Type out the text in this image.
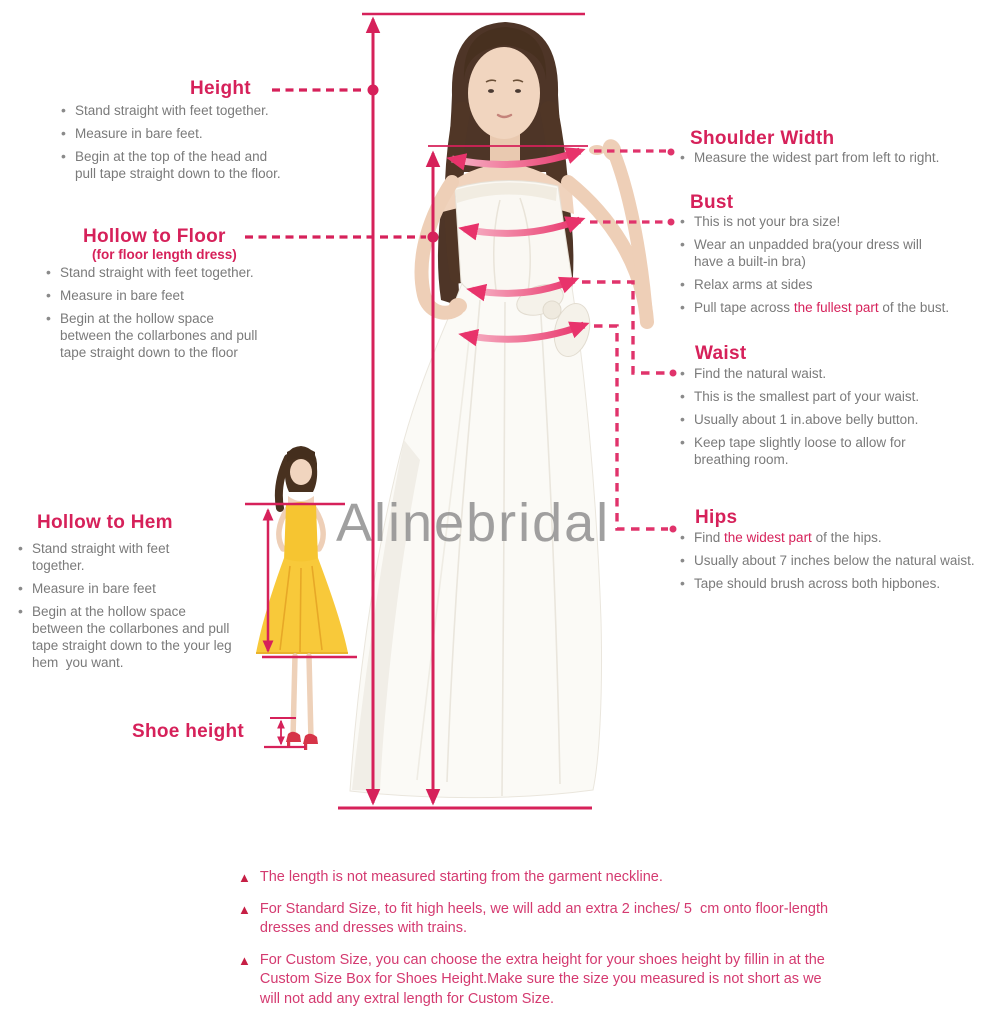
Alinebridal
Height
• Stand straight with feet together.
• Measure in bare feet.
• Begin at the top of the head and pull tape straight down to the floor.
Hollow to Floor
(for floor length dress)
• Stand straight with feet together.
• Measure in bare feet
• Begin at the hollow space between the collarbones and pull tape straight down to the floor
Shoulder Width
• Measure the widest part from left to right.
Bust
• This is not your bra size!
• Wear an unpadded bra(your dress will have a built-in bra)
• Relax arms at sides
• Pull tape across the fullest part of the bust.
Waist
• Find the natural waist.
• This is the smallest part of your waist.
• Usually about 1 in.above belly button.
• Keep tape slightly loose to allow for breathing room.
Hips
• Find the widest part of the hips.
• Usually about 7 inches below the natural waist.
• Tape should brush across both hipbones.
Hollow to Hem
• Stand straight with feet together.
• Measure in bare feet
• Begin at the hollow space between the collarbones and pull tape straight down to the your leg hem  you want.
Shoe height
▲ The length is not measured starting from the garment neckline.
▲ For Standard Size, to fit high heels, we will add an extra 2 inches/ 5  cm onto floor-length dresses and dresses with trains.
▲ For Custom Size, you can choose the extra height for your shoes height by fillin in at the Custom Size Box for Shoes Height.Make sure the size you measured is not short as we will not add any extral length for Custom Size.
